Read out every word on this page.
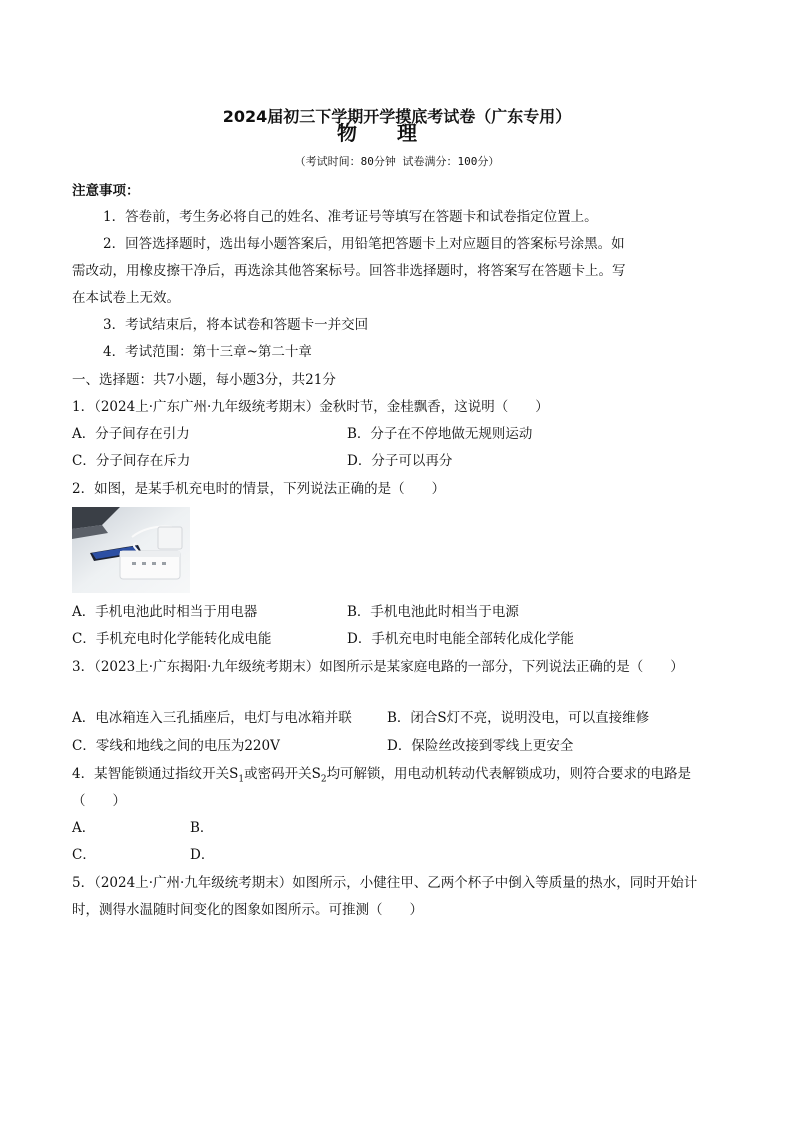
2024届初三下学期开学摸底考试卷（广东专用）
物理
（考试时间：80分钟 试卷满分：100分）
注意事项：
1．答卷前，考生务必将自己的姓名、准考证号等填写在答题卡和试卷指定位置上。
2．回答选择题时，选出每小题答案后，用铅笔把答题卡上对应题目的答案标号涂黑。如
需改动，用橡皮擦干净后，再选涂其他答案标号。回答非选择题时，将答案写在答题卡上。写
在本试卷上无效。
3．考试结束后，将本试卷和答题卡一并交回
4．考试范围：第十三章~第二十章
一、选择题：共7小题，每小题3分，共21分
1．（2024上·广东广州·九年级统考期末）金秋时节，金桂飘香，这说明（　　）
A．分子间存在引力	B．分子在不停地做无规则运动
C．分子间存在斥力	D．分子可以再分
2．如图，是某手机充电时的情景，下列说法正确的是（　　）
A．手机电池此时相当于用电器	B．手机电池此时相当于电源
C．手机充电时化学能转化成电能	D．手机充电时电能全部转化成化学能
3．（2023上·广东揭阳·九年级统考期末）如图所示是某家庭电路的一部分，下列说法正确的是（　　）
A．电冰箱连入三孔插座后，电灯与电冰箱并联	B．闭合S灯不亮，说明没电，可以直接维修
C．零线和地线之间的电压为220V	D．保险丝改接到零线上更安全
4．某智能锁通过指纹开关$S_1$或密码开关$S_2$均可解锁，用电动机转动代表解锁成功，则符合要求的电路是
（　　）
A．	B．
C．	D．
5．（2024上·广州·九年级统考期末）如图所示，小健往甲、乙两个杯子中倒入等质量的热水，同时开始计
时，测得水温随时间变化的图象如图所示。可推测（　　）
